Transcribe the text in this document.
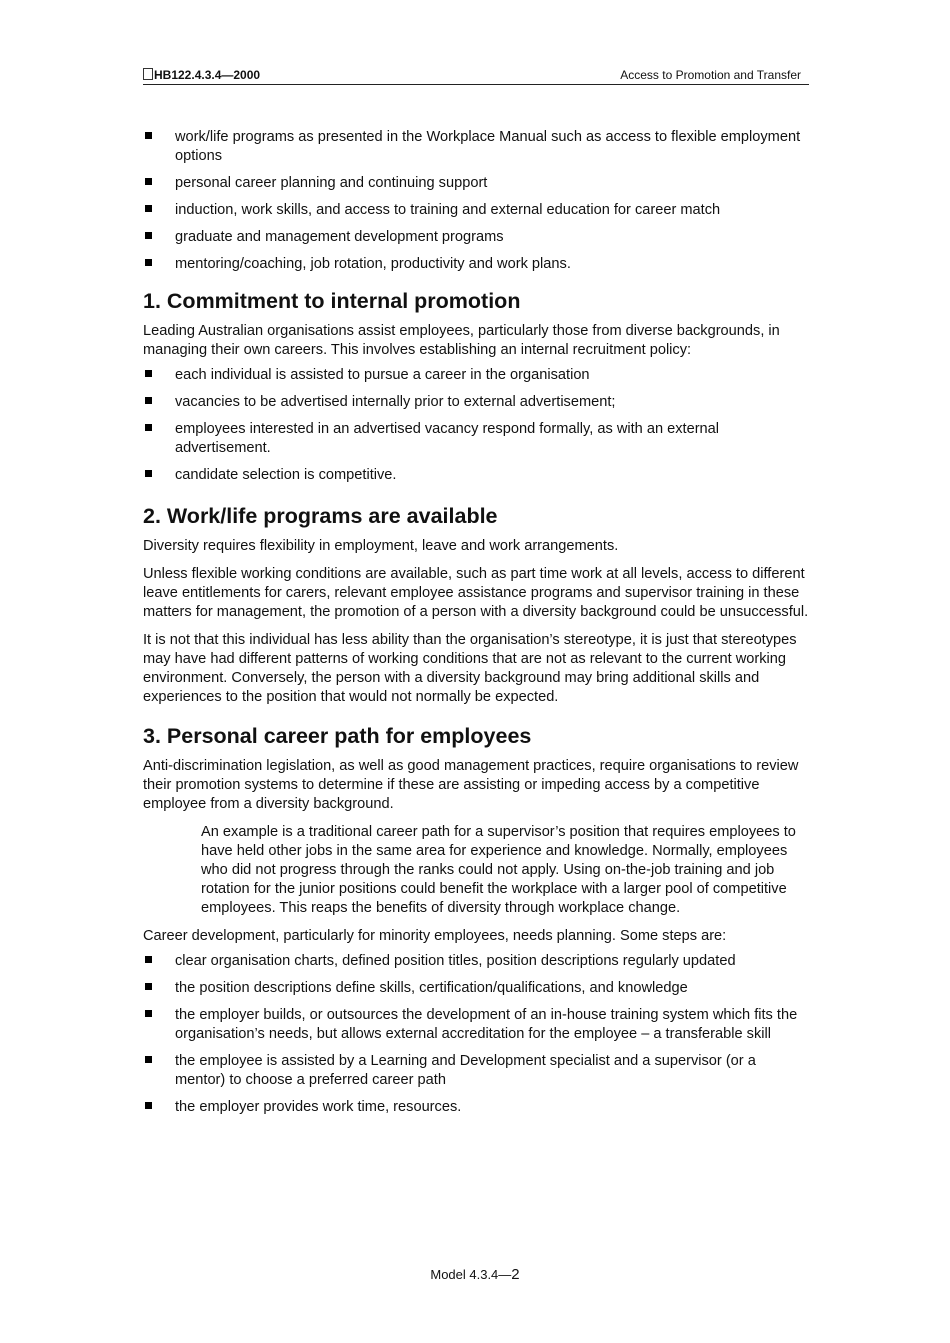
HB122.4.3.4—2000	Access to Promotion and Transfer
work/life programs as presented in the Workplace Manual such as access to flexible employment options
personal career planning and continuing support
induction, work skills, and access to training and external education for career match
graduate and management development programs
mentoring/coaching, job rotation, productivity and work plans.
1. Commitment to internal promotion

Leading Australian organisations assist employees, particularly those from diverse backgrounds, in managing their own careers. This involves establishing an internal recruitment policy:

each individual is assisted to pursue a career in the organisation
vacancies to be advertised internally prior to external advertisement;
employees interested in an advertised vacancy respond formally, as with an external advertisement.
candidate selection is competitive.
2. Work/life programs are available

Diversity requires flexibility in employment, leave and work arrangements.

Unless flexible working conditions are available, such as part time work at all levels, access to different leave entitlements for carers, relevant employee assistance programs and supervisor training in these matters for management, the promotion of a person with a diversity background could be unsuccessful.

It is not that this individual has less ability than the organisation’s stereotype, it is just that stereotypes may have had different patterns of working conditions that are not as relevant to the current working environment. Conversely, the person with a diversity background may bring additional skills and experiences to the position that would not normally be expected.

3. Personal career path for employees

Anti-discrimination legislation, as well as good management practices, require organisations to review their promotion systems to determine if these are assisting or impeding access by a competitive employee from a diversity background.

An example is a traditional career path for a supervisor’s position that requires employees to have held other jobs in the same area for experience and knowledge. Normally, employees who did not progress through the ranks could not apply. Using on-the-job training and job rotation for the junior positions could benefit the workplace with a larger pool of competitive employees. This reaps the benefits of diversity through workplace change.

Career development, particularly for minority employees, needs planning. Some steps are:

clear organisation charts, defined position titles, position descriptions regularly updated
the position descriptions define skills, certification/qualifications, and knowledge
the employer builds, or outsources the development of an in-house training system which fits the organisation’s needs, but allows external accreditation for the employee – a transferable skill
the employee is assisted by a Learning and Development specialist and a supervisor (or a mentor) to choose a preferred career path
the employer provides work time, resources.
Model 4.3.4—2
